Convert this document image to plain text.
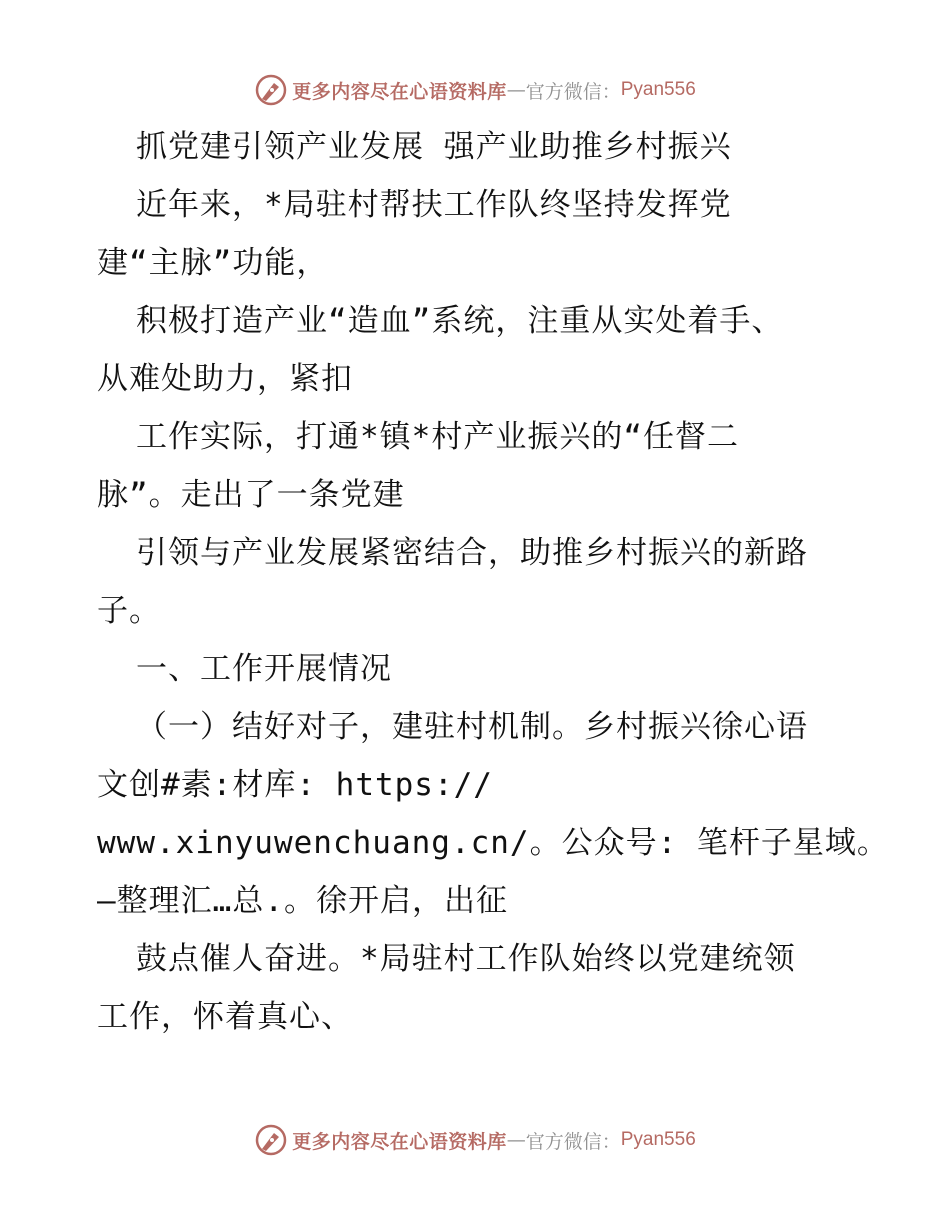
更多内容尽在心语资料库 — 官方微信： Pyan556
抓党建引领产业发展 强产业助推乡村振兴
近年来，*局驻村帮扶工作队终坚持发挥党
建“主脉”功能，
积极打造产业“造血”系统，注重从实处着手、
从难处助力，紧扣
工作实际，打通*镇*村产业振兴的“任督二
脉”。走出了一条党建
引领与产业发展紧密结合，助推乡村振兴的新路
子。
一、工作开展情况
（一）结好对子，建驻村机制。乡村振兴徐心语
文创#素:材库: https://
www.xinyuwenchuang.cn/。公众号: 笔杆子星域。
—整理汇…总.。徐开启，出征
鼓点催人奋进。*局驻村工作队始终以党建统领
工作，怀着真心、
更多内容尽在心语资料库 — 官方微信： Pyan556
